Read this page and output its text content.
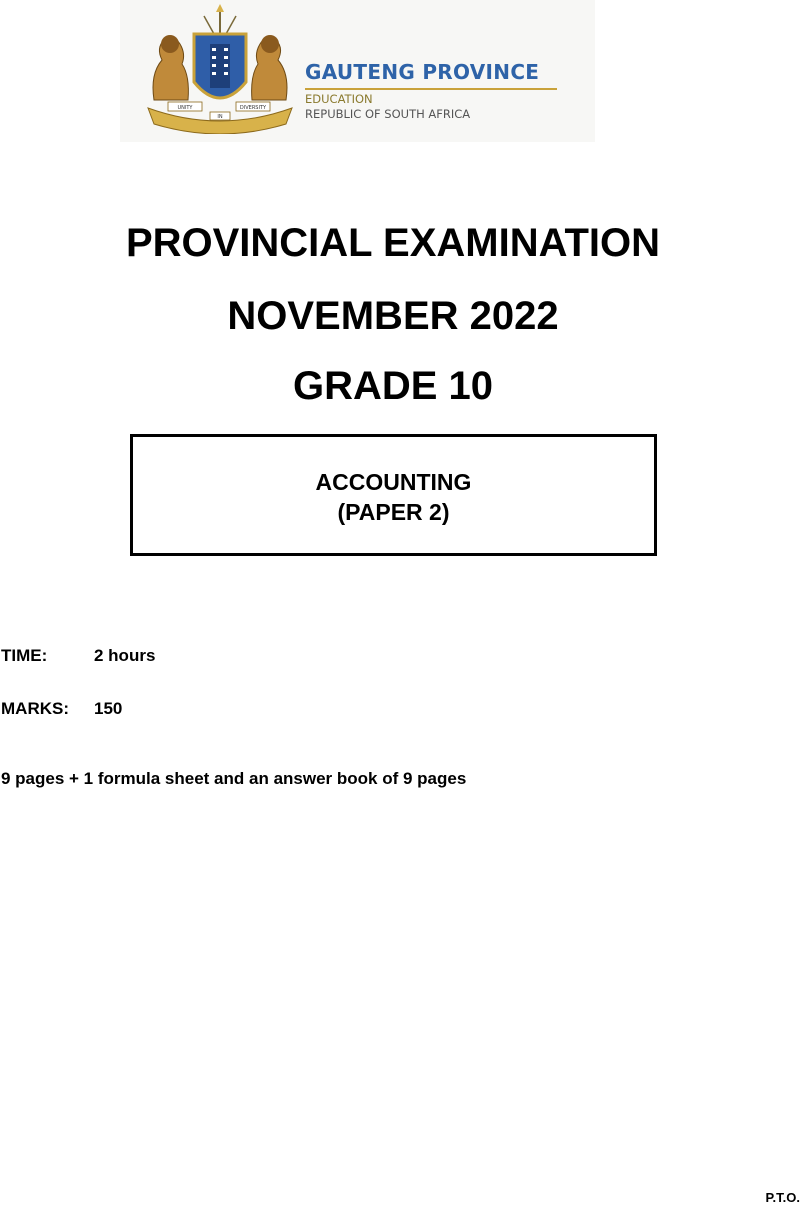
UNITY
IN
DIVERSITY
GAUTENG PROVINCE
EDUCATION
REPUBLIC OF SOUTH AFRICA
PROVINCIAL EXAMINATION
NOVEMBER 2022
GRADE 10
ACCOUNTING
(PAPER 2)
TIME:	2 hours
MARKS: 150
9 pages + 1 formula sheet and an answer book of 9 pages
P.T.O.
